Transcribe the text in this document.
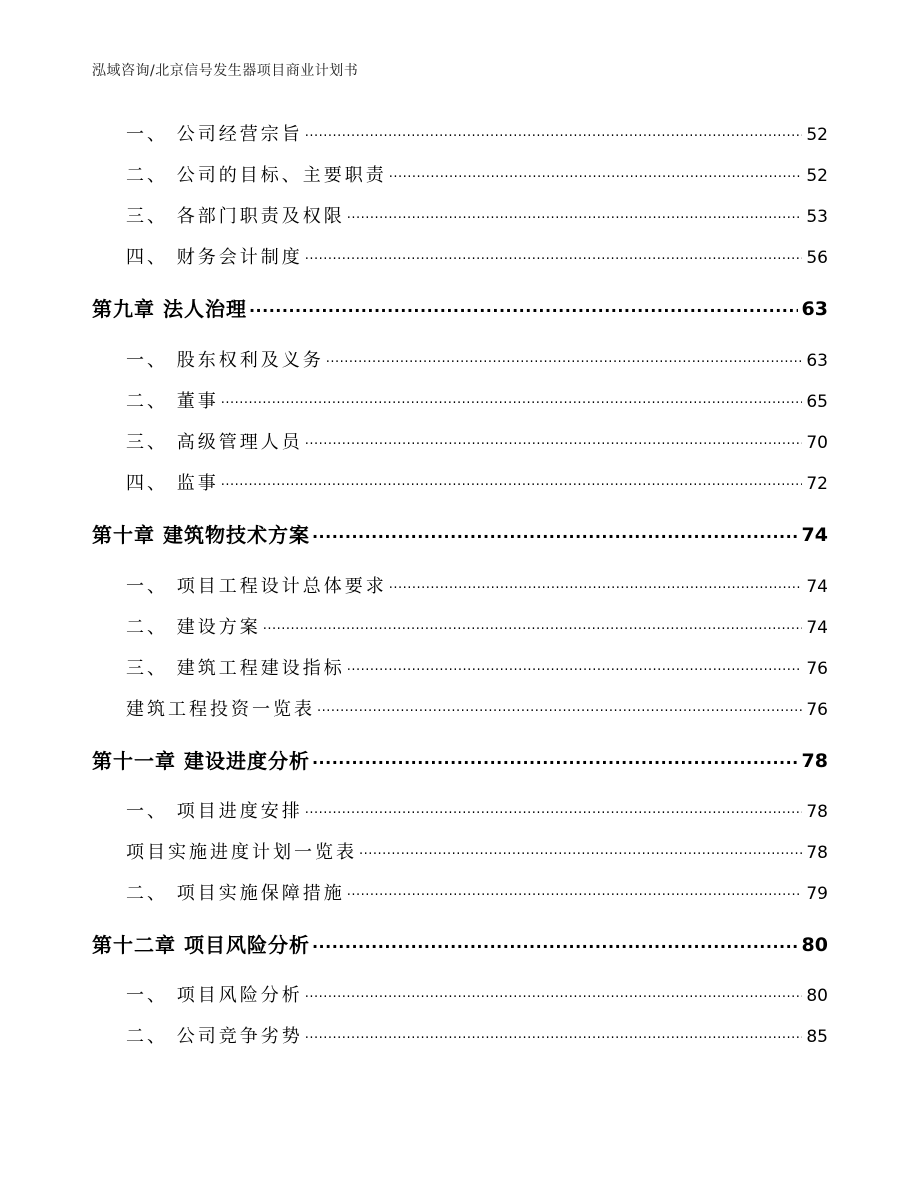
泓域咨询/北京信号发生器项目商业计划书
一、 公司经营宗旨 .....	52
二、 公司的目标、主要职责 .....	52
三、 各部门职责及权限 .....	53
四、 财务会计制度 .....	56
第九章 法人治理 .....	63
一、 股东权利及义务 .....	63
二、 董事 .....	65
三、 高级管理人员 .....	70
四、 监事 .....	72
第十章 建筑物技术方案 .....	74
一、 项目工程设计总体要求 .....	74
二、 建设方案 .....	74
三、 建筑工程建设指标 .....	76
建筑工程投资一览表 .....	76
第十一章 建设进度分析 .....	78
一、 项目进度安排 .....	78
项目实施进度计划一览表 .....	78
二、 项目实施保障措施 .....	79
第十二章 项目风险分析 .....	80
一、 项目风险分析 .....	80
二、 公司竞争劣势 .....	85
